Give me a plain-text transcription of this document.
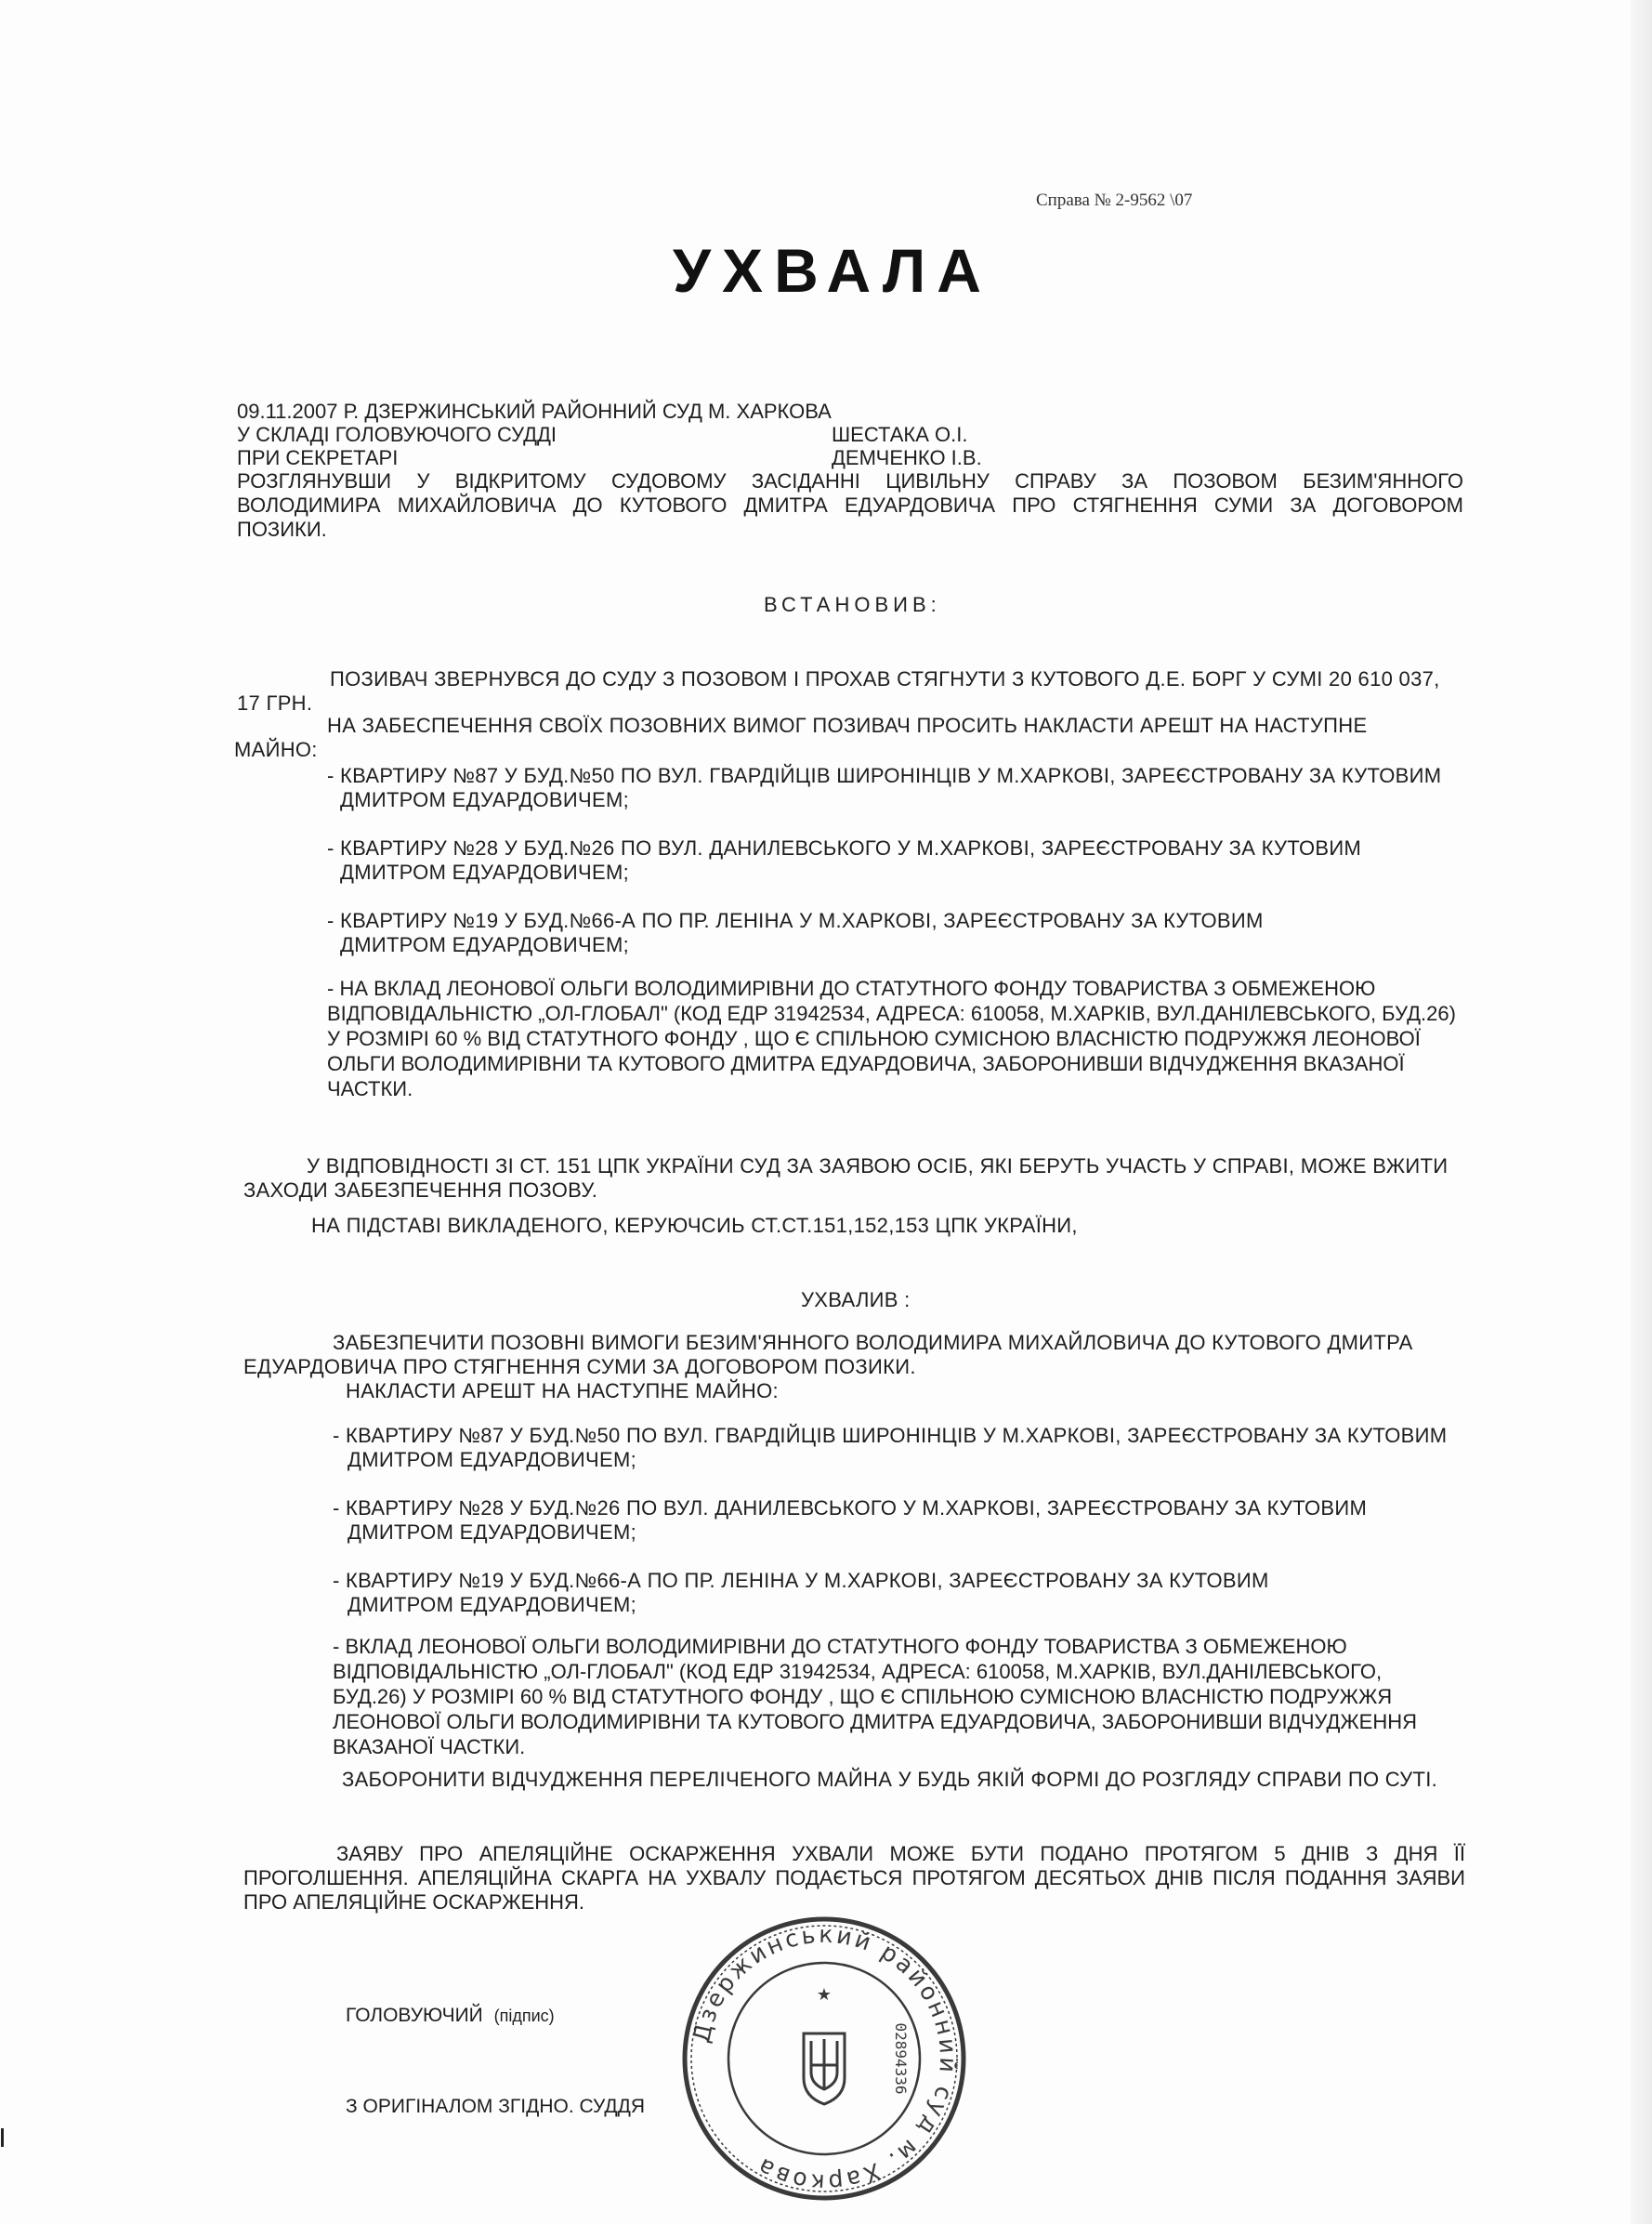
Справа № 2-9562 \07
УХВАЛА
09.11.2007 Р. ДЗЕРЖИНСЬКИЙ РАЙОННИЙ СУД М. ХАРКОВА
У СКЛАДІ ГОЛОВУЮЧОГО СУДДІ	ШЕСТАКА О.І.
ПРИ СЕКРЕТАРІ	ДЕМЧЕНКО І.В.
РОЗГЛЯНУВШИ У ВІДКРИТОМУ СУДОВОМУ ЗАСІДАННІ ЦИВІЛЬНУ СПРАВУ ЗА ПОЗОВОМ БЕЗИМ'ЯННОГО ВОЛОДИМИРА МИХАЙЛОВИЧА ДО КУТОВОГО ДМИТРА ЕДУАРДОВИЧА ПРО СТЯГНЕННЯ СУМИ ЗА ДОГОВОРОМ ПОЗИКИ.
ВСТАНОВИВ:
ПОЗИВАЧ ЗВЕРНУВСЯ ДО СУДУ З ПОЗОВОМ І ПРОХАВ СТЯГНУТИ З КУТОВОГО Д.Е. БОРГ У СУМІ 20 610 037,
17 ГРН.
НА ЗАБЕСПЕЧЕННЯ СВОЇХ ПОЗОВНИХ ВИМОГ ПОЗИВАЧ ПРОСИТЬ НАКЛАСТИ АРЕШТ НА НАСТУПНЕ
МАЙНО:
- КВАРТИРУ №87 У БУД.№50 ПО ВУЛ. ГВАРДІЙЦІВ ШИРОНІНЦІВ У М.ХАРКОВІ, ЗАРЕЄСТРОВАНУ ЗА КУТОВИМ
ДМИТРОМ ЕДУАРДОВИЧЕМ;
- КВАРТИРУ №28 У БУД.№26 ПО ВУЛ. ДАНИЛЕВСЬКОГО У М.ХАРКОВІ, ЗАРЕЄСТРОВАНУ ЗА КУТОВИМ
ДМИТРОМ ЕДУАРДОВИЧЕМ;
- КВАРТИРУ №19 У БУД.№66-А ПО ПР. ЛЕНІНА У М.ХАРКОВІ, ЗАРЕЄСТРОВАНУ ЗА КУТОВИМ
ДМИТРОМ ЕДУАРДОВИЧЕМ;
- НА ВКЛАД ЛЕОНОВОЇ ОЛЬГИ ВОЛОДИМИРІВНИ ДО СТАТУТНОГО ФОНДУ ТОВАРИСТВА З ОБМЕЖЕНОЮ ВІДПОВІДАЛЬНІСТЮ „ОЛ-ГЛОБАЛ" (КОД ЕДР 31942534, АДРЕСА: 610058, М.ХАРКІВ, ВУЛ.ДАНІЛЕВСЬКОГО, БУД.26) У РОЗМІРІ 60 % ВІД СТАТУТНОГО ФОНДУ , ЩО Є СПІЛЬНОЮ СУМІСНОЮ ВЛАСНІСТЮ ПОДРУЖЖЯ ЛЕОНОВОЇ ОЛЬГИ ВОЛОДИМИРІВНИ ТА КУТОВОГО ДМИТРА ЕДУАРДОВИЧА, ЗАБОРОНИВШИ ВІДЧУДЖЕННЯ ВКАЗАНОЇ ЧАСТКИ.
У ВІДПОВІДНОСТІ ЗІ СТ. 151 ЦПК УКРАЇНИ СУД ЗА ЗАЯВОЮ ОСІБ, ЯКІ БЕРУТЬ УЧАСТЬ У СПРАВІ, МОЖЕ ВЖИТИ
ЗАХОДИ ЗАБЕЗПЕЧЕННЯ ПОЗОВУ.
НА ПІДСТАВІ ВИКЛАДЕНОГО, КЕРУЮЧСИЬ СТ.СТ.151,152,153 ЦПК УКРАЇНИ,
УХВАЛИВ :
ЗАБЕЗПЕЧИТИ ПОЗОВНІ ВИМОГИ БЕЗИМ'ЯННОГО ВОЛОДИМИРА МИХАЙЛОВИЧА ДО КУТОВОГО ДМИТРА
ЕДУАРДОВИЧА ПРО СТЯГНЕННЯ СУМИ ЗА ДОГОВОРОМ ПОЗИКИ.
НАКЛАСТИ АРЕШТ НА НАСТУПНЕ МАЙНО:
- КВАРТИРУ №87 У БУД.№50 ПО ВУЛ. ГВАРДІЙЦІВ ШИРОНІНЦІВ У М.ХАРКОВІ, ЗАРЕЄСТРОВАНУ ЗА КУТОВИМ
ДМИТРОМ ЕДУАРДОВИЧЕМ;
- КВАРТИРУ №28 У БУД.№26 ПО ВУЛ. ДАНИЛЕВСЬКОГО У М.ХАРКОВІ, ЗАРЕЄСТРОВАНУ ЗА КУТОВИМ
ДМИТРОМ ЕДУАРДОВИЧЕМ;
- КВАРТИРУ №19 У БУД.№66-А ПО ПР. ЛЕНІНА У М.ХАРКОВІ, ЗАРЕЄСТРОВАНУ ЗА КУТОВИМ
ДМИТРОМ ЕДУАРДОВИЧЕМ;
- ВКЛАД ЛЕОНОВОЇ ОЛЬГИ ВОЛОДИМИРІВНИ ДО СТАТУТНОГО ФОНДУ ТОВАРИСТВА З ОБМЕЖЕНОЮ ВІДПОВІДАЛЬНІСТЮ „ОЛ-ГЛОБАЛ" (КОД ЕДР 31942534, АДРЕСА: 610058, М.ХАРКІВ, ВУЛ.ДАНІЛЕВСЬКОГО, БУД.26) У РОЗМІРІ 60 % ВІД СТАТУТНОГО ФОНДУ , ЩО Є СПІЛЬНОЮ СУМІСНОЮ ВЛАСНІСТЮ ПОДРУЖЖЯ ЛЕОНОВОЇ ОЛЬГИ ВОЛОДИМИРІВНИ ТА КУТОВОГО ДМИТРА ЕДУАРДОВИЧА, ЗАБОРОНИВШИ ВІДЧУДЖЕННЯ ВКАЗАНОЇ ЧАСТКИ.
ЗАБОРОНИТИ ВІДЧУДЖЕННЯ ПЕРЕЛІЧЕНОГО МАЙНА У БУДЬ ЯКІЙ ФОРМІ ДО РОЗГЛЯДУ СПРАВИ ПО СУТІ.
ЗАЯВУ ПРО АПЕЛЯЦІЙНЕ ОСКАРЖЕННЯ УХВАЛИ МОЖЕ БУТИ ПОДАНО ПРОТЯГОМ 5 ДНІВ З ДНЯ ЇЇ ПРОГОЛШЕННЯ. АПЕЛЯЦІЙНА СКАРГА НА УХВАЛУ ПОДАЄТЬСЯ ПРОТЯГОМ ДЕСЯТЬОХ ДНІВ ПІСЛЯ ПОДАННЯ ЗАЯВИ ПРО АПЕЛЯЦІЙНЕ ОСКАРЖЕННЯ.
ГОЛОВУЮЧИЙ (підпис)
З ОРИГІНАЛОМ ЗГІДНО. СУДДЯ
Дзержинський районний суд м. Харкова
★
02894336
